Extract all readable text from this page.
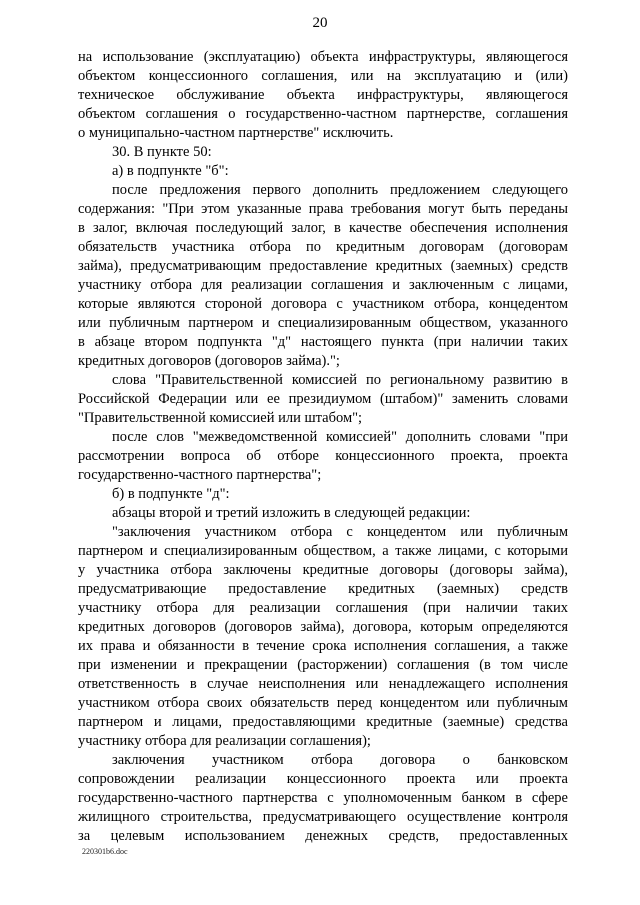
20
на использование (эксплуатацию) объекта инфраструктуры, являющегося
объектом концессионного соглашения, или на эксплуатацию и (или)
техническое обслуживание объекта инфраструктуры, являющегося
объектом соглашения о государственно-частном партнерстве, соглашения
о муниципально-частном партнерстве" исключить.
30. В пункте 50:
а) в подпункте "б":
после предложения первого дополнить предложением следующего
содержания: "При этом указанные права требования могут быть переданы
в залог, включая последующий залог, в качестве обеспечения исполнения
обязательств участника отбора по кредитным договорам (договорам
займа), предусматривающим предоставление кредитных (заемных) средств
участнику отбора для реализации соглашения и заключенным с лицами,
которые являются стороной договора с участником отбора, концедентом
или публичным партнером и специализированным обществом, указанного
в абзаце втором подпункта "д" настоящего пункта (при наличии таких
кредитных договоров (договоров займа).";
слова "Правительственной комиссией по региональному развитию в
Российской Федерации или ее президиумом (штабом)" заменить словами
"Правительственной комиссией или штабом";
после слов "межведомственной комиссией" дополнить словами "при
рассмотрении вопроса об отборе концессионного проекта, проекта
государственно-частного партнерства";
б) в подпункте "д":
абзацы второй и третий изложить в следующей редакции:
"заключения участником отбора с концедентом или публичным
партнером и специализированным обществом, а также лицами, с которыми
у участника отбора заключены кредитные договоры (договоры займа),
предусматривающие предоставление кредитных (заемных) средств
участнику отбора для реализации соглашения (при наличии таких
кредитных договоров (договоров займа), договора, которым определяются
их права и обязанности в течение срока исполнения соглашения, а также
при изменении и прекращении (расторжении) соглашения (в том числе
ответственность в случае неисполнения или ненадлежащего исполнения
участником отбора своих обязательств перед концедентом или публичным
партнером и лицами, предоставляющими кредитные (заемные) средства
участнику отбора для реализации соглашения);
заключения участником отбора договора о банковском
сопровождении реализации концессионного проекта или проекта
государственно-частного партнерства с уполномоченным банком в сфере
жилищного строительства, предусматривающего осуществление контроля
за целевым использованием денежных средств, предоставленных
220301b6.doc
